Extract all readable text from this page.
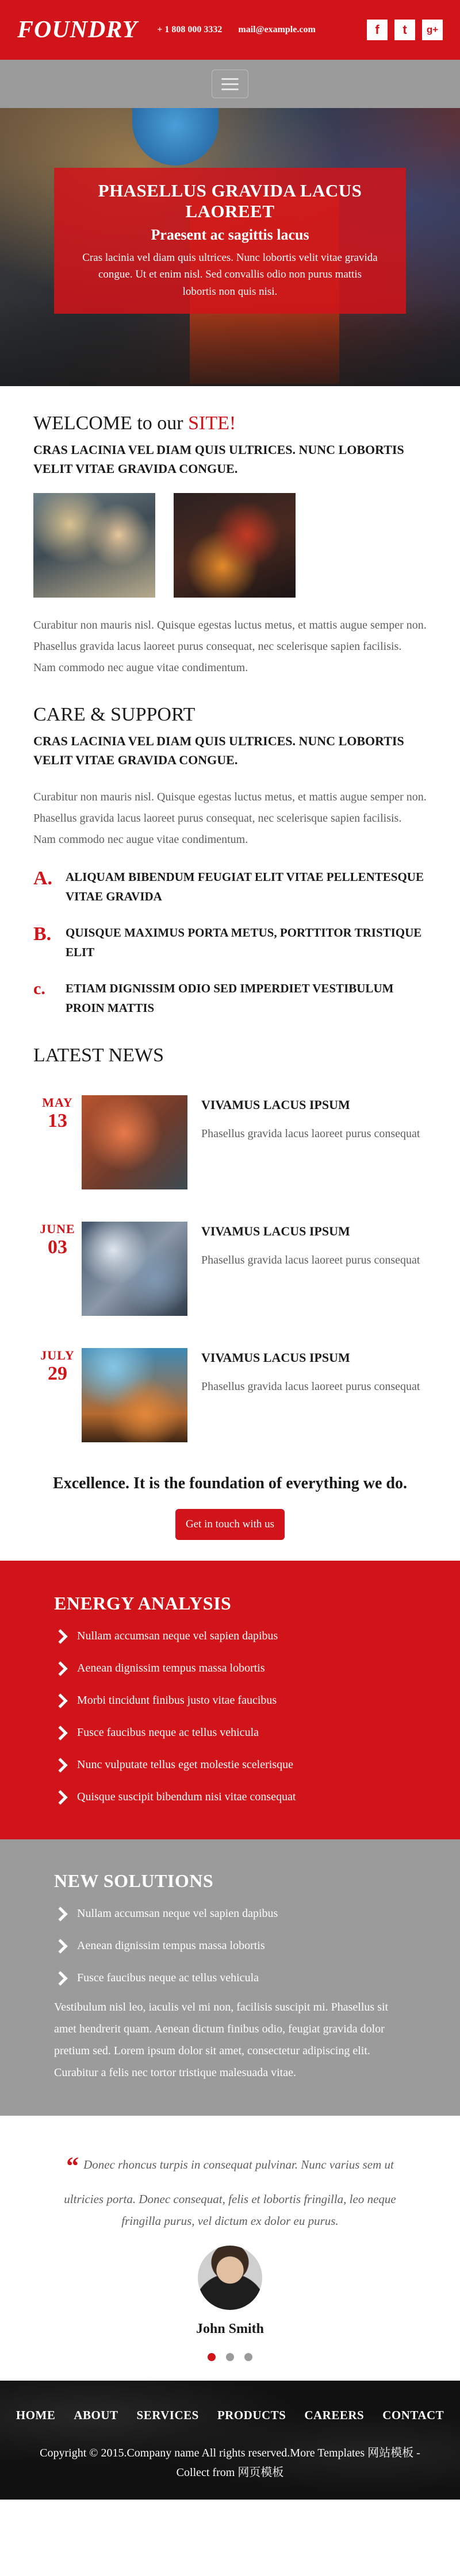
FOUNDRY + 1 808 000 3332 mail@example.com	f	t	g+
PHASELLUS GRAVIDA LACUS LAOREET
Praesent ac sagittis lacus

Cras lacinia vel diam quis ultrices. Nunc lobortis velit vitae gravida congue. Ut et enim nisl. Sed convallis odio non purus mattis lobortis non quis nisi.

WELCOME to our SITE!

CRAS LACINIA VEL DIAM QUIS ULTRICES. NUNC LOBORTIS VELIT VITAE GRAVIDA CONGUE.

Curabitur non mauris nisl. Quisque egestas luctus metus, et mattis augue semper non. Phasellus gravida lacus laoreet purus consequat, nec scelerisque sapien facilisis. Nam commodo nec augue vitae condimentum.

CARE & SUPPORT

CRAS LACINIA VEL DIAM QUIS ULTRICES. NUNC LOBORTIS VELIT VITAE GRAVIDA CONGUE.

Curabitur non mauris nisl. Quisque egestas luctus metus, et mattis augue semper non. Phasellus gravida lacus laoreet purus consequat, nec scelerisque sapien facilisis. Nam commodo nec augue vitae condimentum.

A.	ALIQUAM BIBENDUM FEUGIAT ELIT VITAE PELLENTESQUE VITAE GRAVIDA
B.	QUISQUE MAXIMUS PORTA METUS, PORTTITOR TRISTIQUE ELIT
c.	ETIAM DIGNISSIM ODIO SED IMPERDIET VESTIBULUM PROIN MATTIS
LATEST NEWS
MAY
13
VIVAMUS LACUS IPSUM

Phasellus gravida lacus laoreet purus consequat

JUNE
03
VIVAMUS LACUS IPSUM

Phasellus gravida lacus laoreet purus consequat

JULY
29
VIVAMUS LACUS IPSUM

Phasellus gravida lacus laoreet purus consequat

Excellence. It is the foundation of everything we do.
Get in touch with us
ENERGY ANALYSIS
Nullam accumsan neque vel sapien dapibus
Aenean dignissim tempus massa lobortis
Morbi tincidunt finibus justo vitae faucibus
Fusce faucibus neque ac tellus vehicula
Nunc vulputate tellus eget molestie scelerisque
Quisque suscipit bibendum nisi vitae consequat
NEW SOLUTIONS
Nullam accumsan neque vel sapien dapibus
Aenean dignissim tempus massa lobortis
Fusce faucibus neque ac tellus vehicula

Vestibulum nisl leo, iaculis vel mi non, facilisis suscipit mi. Phasellus sit amet hendrerit quam. Aenean dictum finibus odio, feugiat gravida dolor pretium sed. Lorem ipsum dolor sit amet, consectetur adipiscing elit. Curabitur a felis nec tortor tristique malesuada vitae.

“ Donec rhoncus turpis in consequat pulvinar. Nunc varius sem ut ultricies porta. Donec consequat, felis et lobortis fringilla, leo neque fringilla purus, vel dictum ex dolor eu purus.

John Smith
HOME ABOUT SERVICES PRODUCTS CAREERS CONTACT

Copyright © 2015.Company name All rights reserved.More Templates 网站模板 - Collect from 网页模板
